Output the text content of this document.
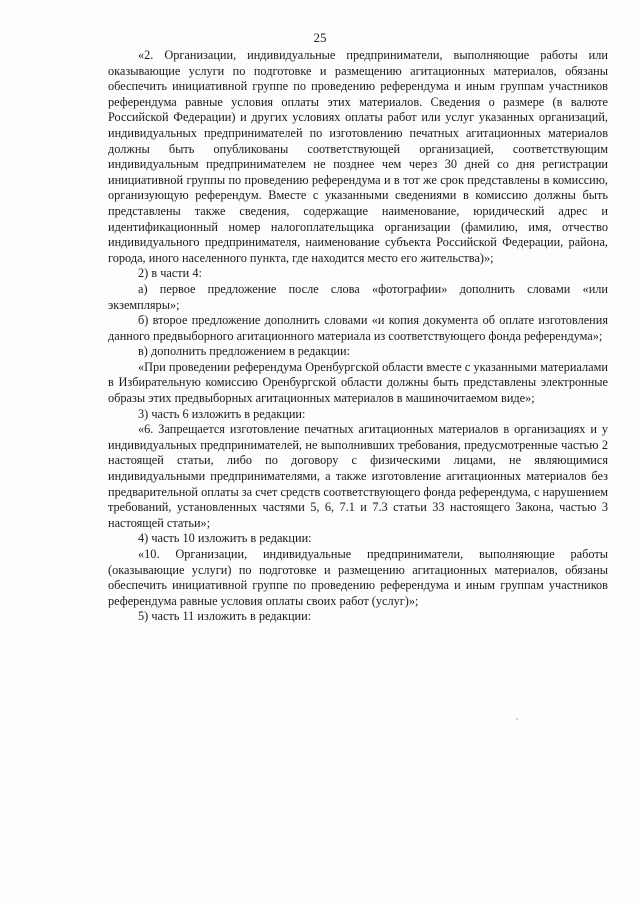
25

«2. Организации, индивидуальные предприниматели, выполняющие работы или оказывающие услуги по подготовке и размещению агитационных материалов, обязаны обеспечить инициативной группе по проведению референдума и иным группам участников референдума равные условия оплаты этих материалов. Сведения о размере (в валюте Российской Федерации) и других условиях оплаты работ или услуг указанных организаций, индивидуальных предпринимателей по изготовлению печатных агитационных материалов должны быть опубликованы соответствующей организацией, соответствующим индивидуальным предпринимателем не позднее чем через 30 дней со дня регистрации инициативной группы по проведению референдума и в тот же срок представлены в комиссию, организующую референдум. Вместе с указанными сведениями в комиссию должны быть представлены также сведения, содержащие наименование, юридический адрес и идентификационный номер налогоплательщика организации (фамилию, имя, отчество индивидуального предпринимателя, наименование субъекта Российской Федерации, района, города, иного населенного пункта, где находится место его жительства)»;

2) в части 4:

а) первое предложение после слова «фотографии» дополнить словами «или экземпляры»;

б) второе предложение дополнить словами «и копия документа об оплате изготовления данного предвыборного агитационного материала из соответствующего фонда референдума»;

в) дополнить предложением в редакции:

«При проведении референдума Оренбургской области вместе с указанными материалами в Избирательную комиссию Оренбургской области должны быть представлены электронные образы этих предвыборных агитационных материалов в машиночитаемом виде»;

3) часть 6 изложить в редакции:

«6. Запрещается изготовление печатных агитационных материалов в организациях и у индивидуальных предпринимателей, не выполнивших требования, предусмотренные частью 2 настоящей статьи, либо по договору с физическими лицами, не являющимися индивидуальными предпринимателями, а также изготовление агитационных материалов без предварительной оплаты за счет средств соответствующего фонда референдума, с нарушением требований, установленных частями 5, 6, 7.1 и 7.3 статьи 33 настоящего Закона, частью 3 настоящей статьи»;

4) часть 10 изложить в редакции:

«10. Организации, индивидуальные предприниматели, выполняющие работы (оказывающие услуги) по подготовке и размещению агитационных материалов, обязаны обеспечить инициативной группе по проведению референдума и иным группам участников референдума равные условия оплаты своих работ (услуг)»;

5) часть 11 изложить в редакции:
